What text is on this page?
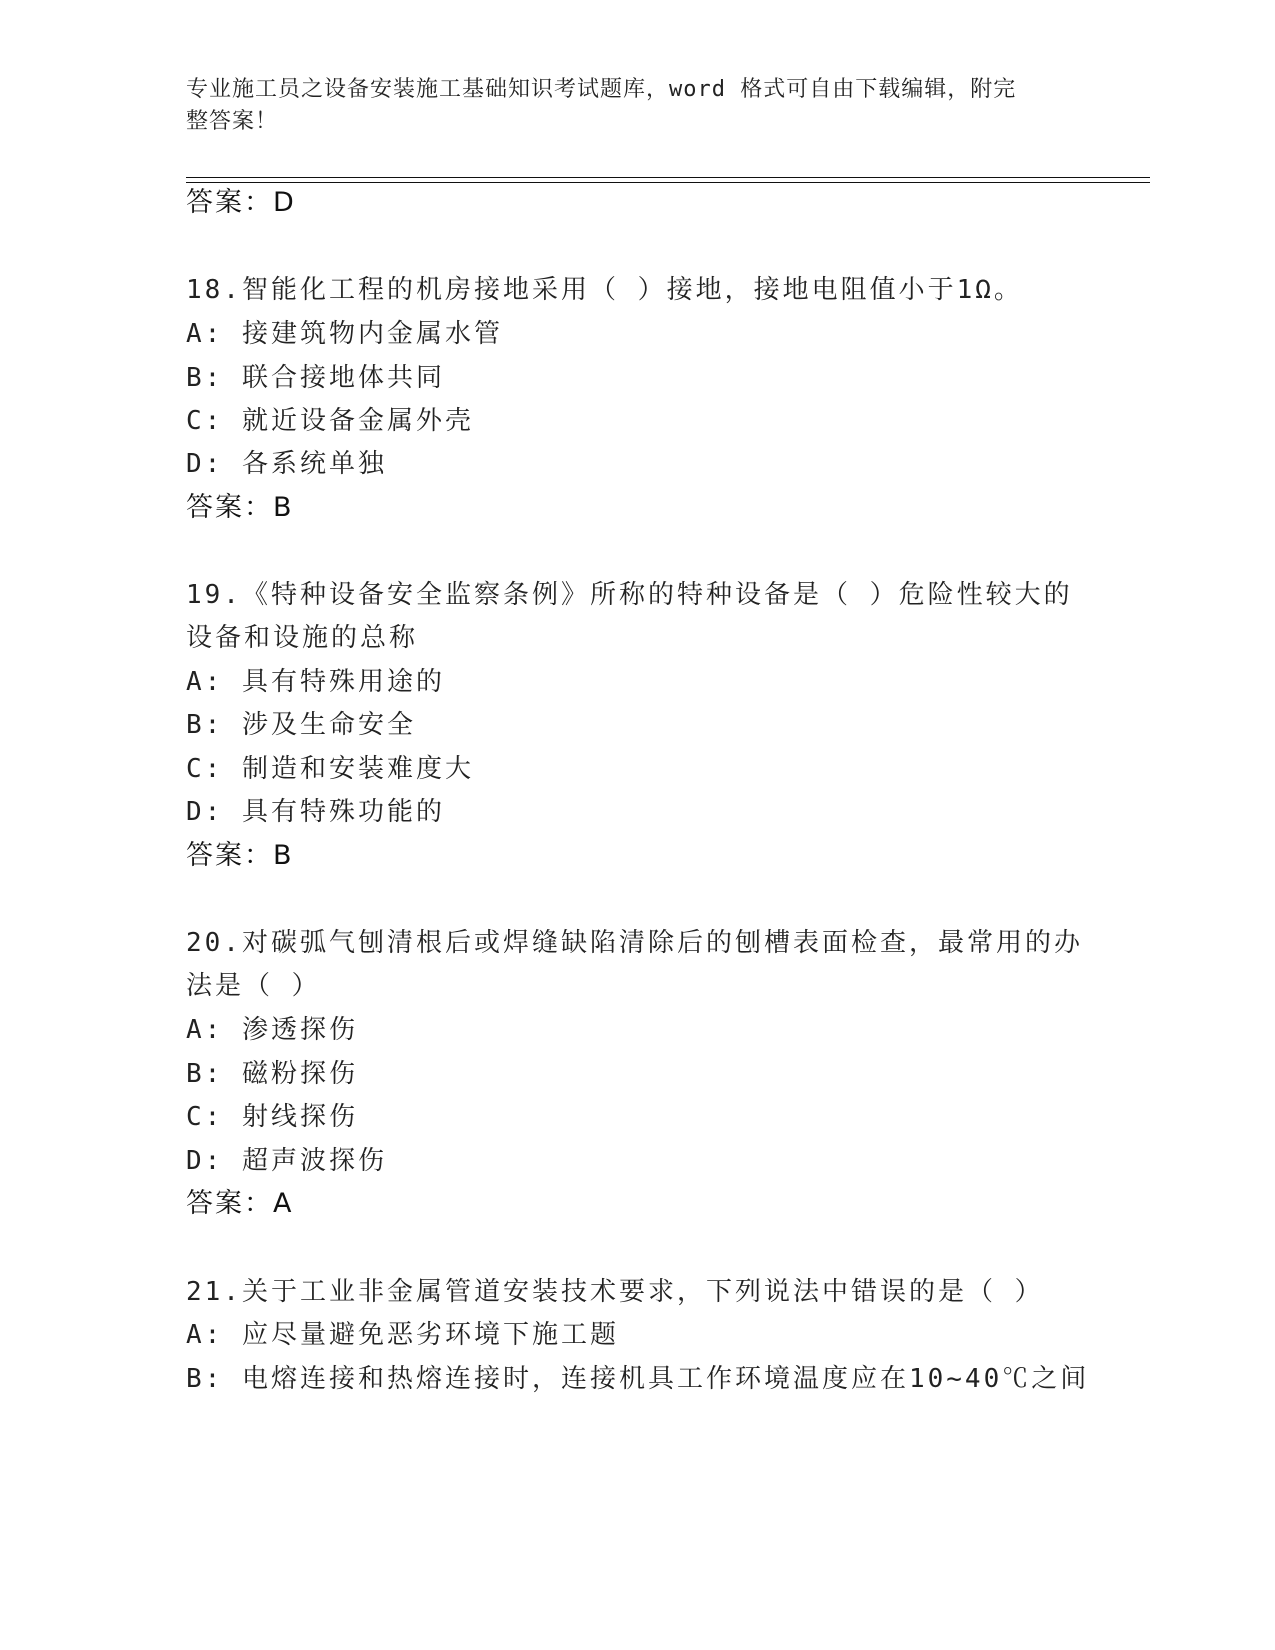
专业施工员之设备安装施工基础知识考试题库，word 格式可自由下载编辑，附完
整答案！
答案：D
18.智能化工程的机房接地采用（ ）接地，接地电阻值小于1Ω。
A: 接建筑物内金属水管
B: 联合接地体共同
C: 就近设备金属外壳
D: 各系统单独
答案：B
19.《特种设备安全监察条例》所称的特种设备是（ ）危险性较大的
设备和设施的总称
A: 具有特殊用途的
B: 涉及生命安全
C: 制造和安装难度大
D: 具有特殊功能的
答案：B
20.对碳弧气刨清根后或焊缝缺陷清除后的刨槽表面检查，最常用的办
法是（ ）
A: 渗透探伤
B: 磁粉探伤
C: 射线探伤
D: 超声波探伤
答案：A
21.关于工业非金属管道安装技术要求，下列说法中错误的是（ ）
A: 应尽量避免恶劣环境下施工题
B: 电熔连接和热熔连接时，连接机具工作环境温度应在10~40℃之间
